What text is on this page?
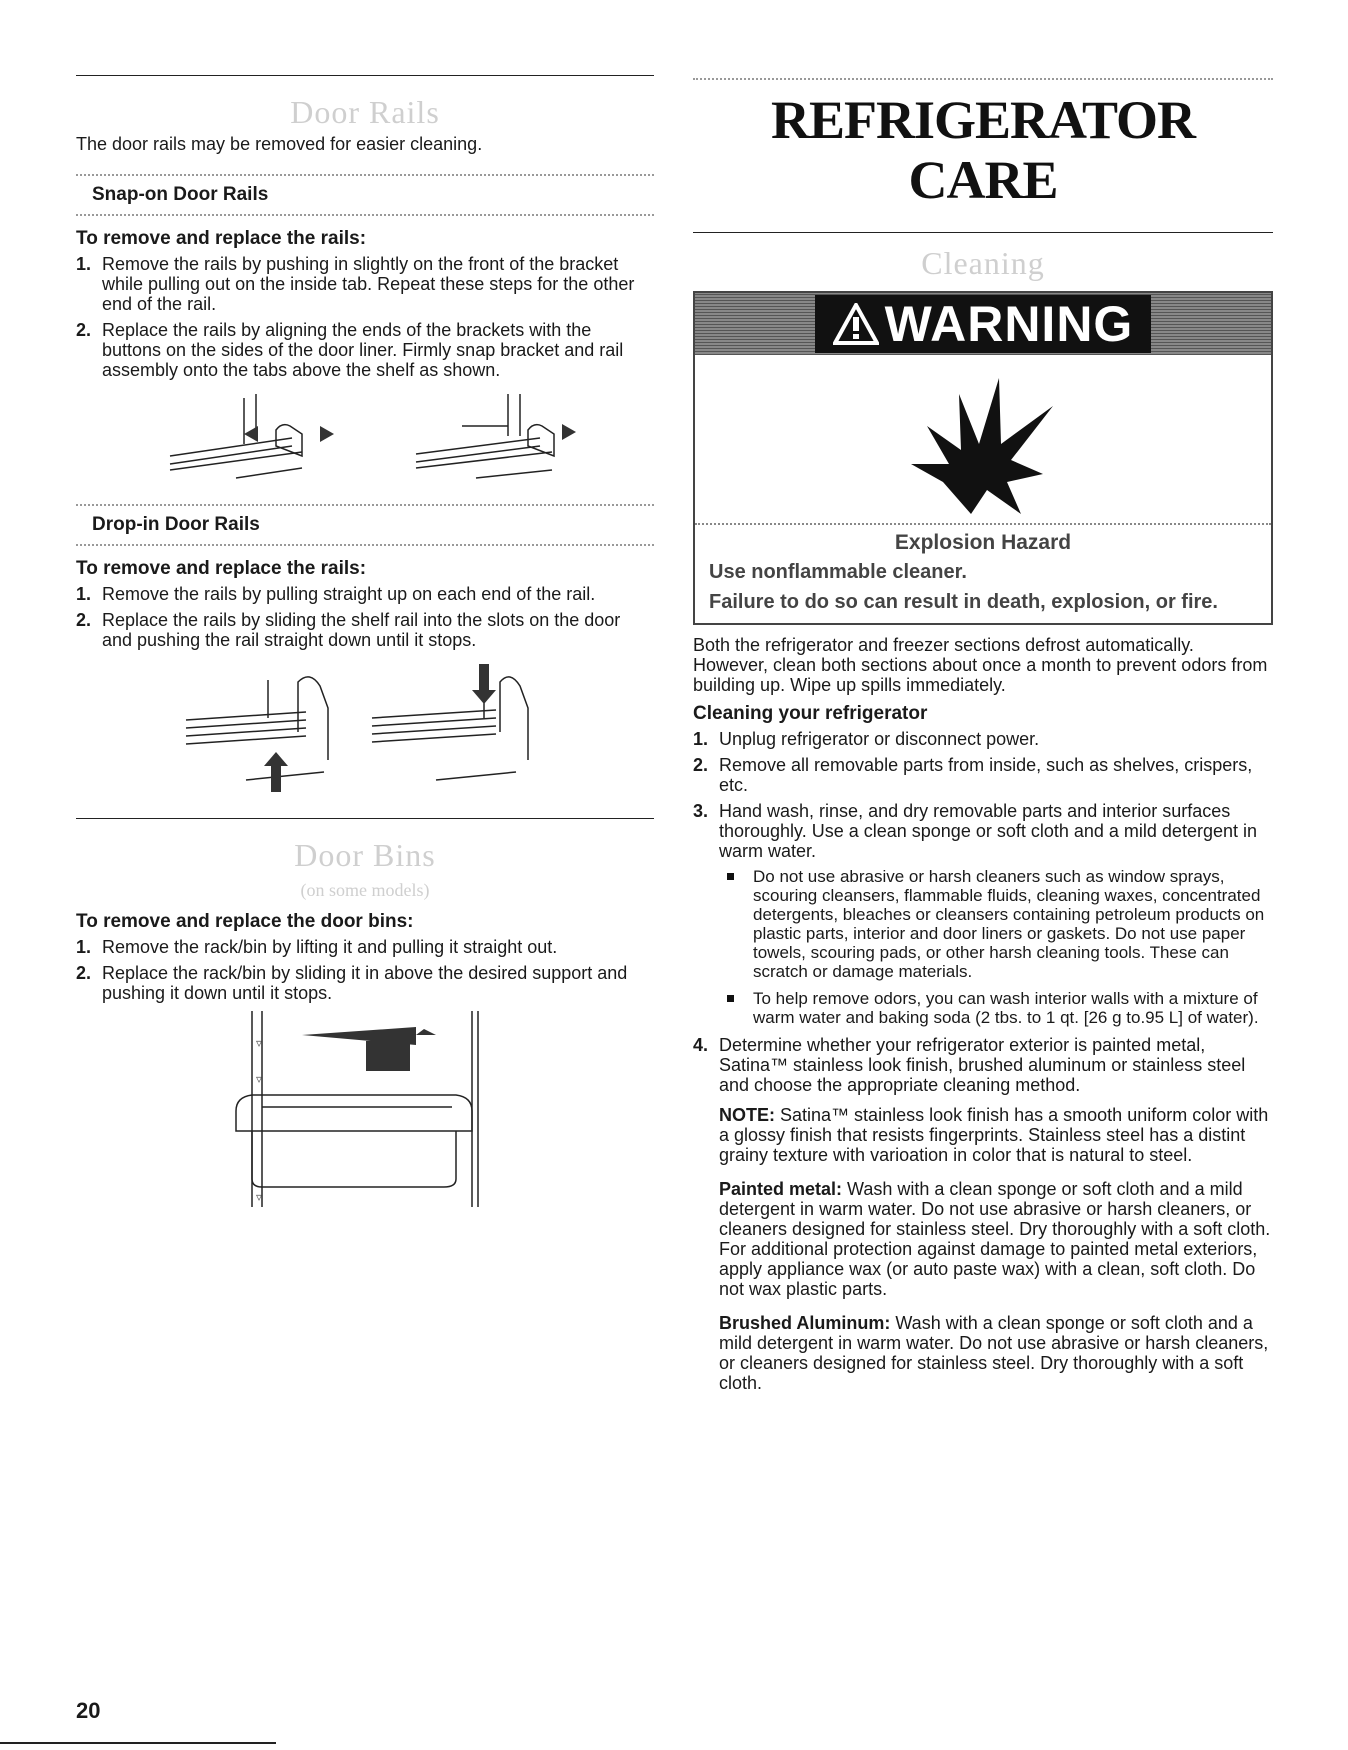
Door Rails

The door rails may be removed for easier cleaning.

Snap-on Door Rails
To remove and replace the rails:
1. Remove the rails by pushing in slightly on the front of the bracket while pulling out on the inside tab. Repeat these steps for the other end of the rail.
2. Replace the rails by aligning the ends of the brackets with the buttons on the sides of the door liner. Firmly snap bracket and rail assembly onto the tabs above the shelf as shown.
Drop-in Door Rails
To remove and replace the rails:
1. Remove the rails by pulling straight up on each end of the rail.
2. Replace the rails by sliding the shelf rail into the slots on the door and pushing the rail straight down until it stops.
Door Bins
(on some models)
To remove and replace the door bins:
1. Remove the rack/bin by lifting it and pulling it straight out.
2. Replace the rack/bin by sliding it in above the desired support and pushing it down until it stops.
▿
▿
▿
REFRIGERATOR CARE
Cleaning
WARNING
Explosion Hazard
Use nonflammable cleaner.
Failure to do so can result in death, explosion, or fire.

Both the refrigerator and freezer sections defrost automatically. However, clean both sections about once a month to prevent odors from building up. Wipe up spills immediately.

Cleaning your refrigerator
1. Unplug refrigerator or disconnect power.
2. Remove all removable parts from inside, such as shelves, crispers, etc.
3. Hand wash, rinse, and dry removable parts and interior surfaces thoroughly. Use a clean sponge or soft cloth and a mild detergent in warm water.
Do not use abrasive or harsh cleaners such as window sprays, scouring cleansers, flammable fluids, cleaning waxes, concentrated detergents, bleaches or cleansers containing petroleum products on plastic parts, interior and door liners or gaskets. Do not use paper towels, scouring pads, or other harsh cleaning tools. These can scratch or damage materials.
To help remove odors, you can wash interior walls with a mixture of warm water and baking soda (2 tbs. to 1 qt. [26 g to.95 L] of water).
4. Determine whether your refrigerator exterior is painted metal, Satina™ stainless look finish, brushed aluminum or stainless steel and choose the appropriate cleaning method.

NOTE: Satina™ stainless look finish has a smooth uniform color with a glossy finish that resists fingerprints. Stainless steel has a distint grainy texture with varioation in color that is natural to steel.

Painted metal: Wash with a clean sponge or soft cloth and a mild detergent in warm water. Do not use abrasive or harsh cleaners, or cleaners designed for stainless steel. Dry thoroughly with a soft cloth. For additional protection against damage to painted metal exteriors, apply appliance wax (or auto paste wax) with a clean, soft cloth. Do not wax plastic parts.

Brushed Aluminum: Wash with a clean sponge or soft cloth and a mild detergent in warm water. Do not use abrasive or harsh cleaners, or cleaners designed for stainless steel. Dry thoroughly with a soft cloth.

20
